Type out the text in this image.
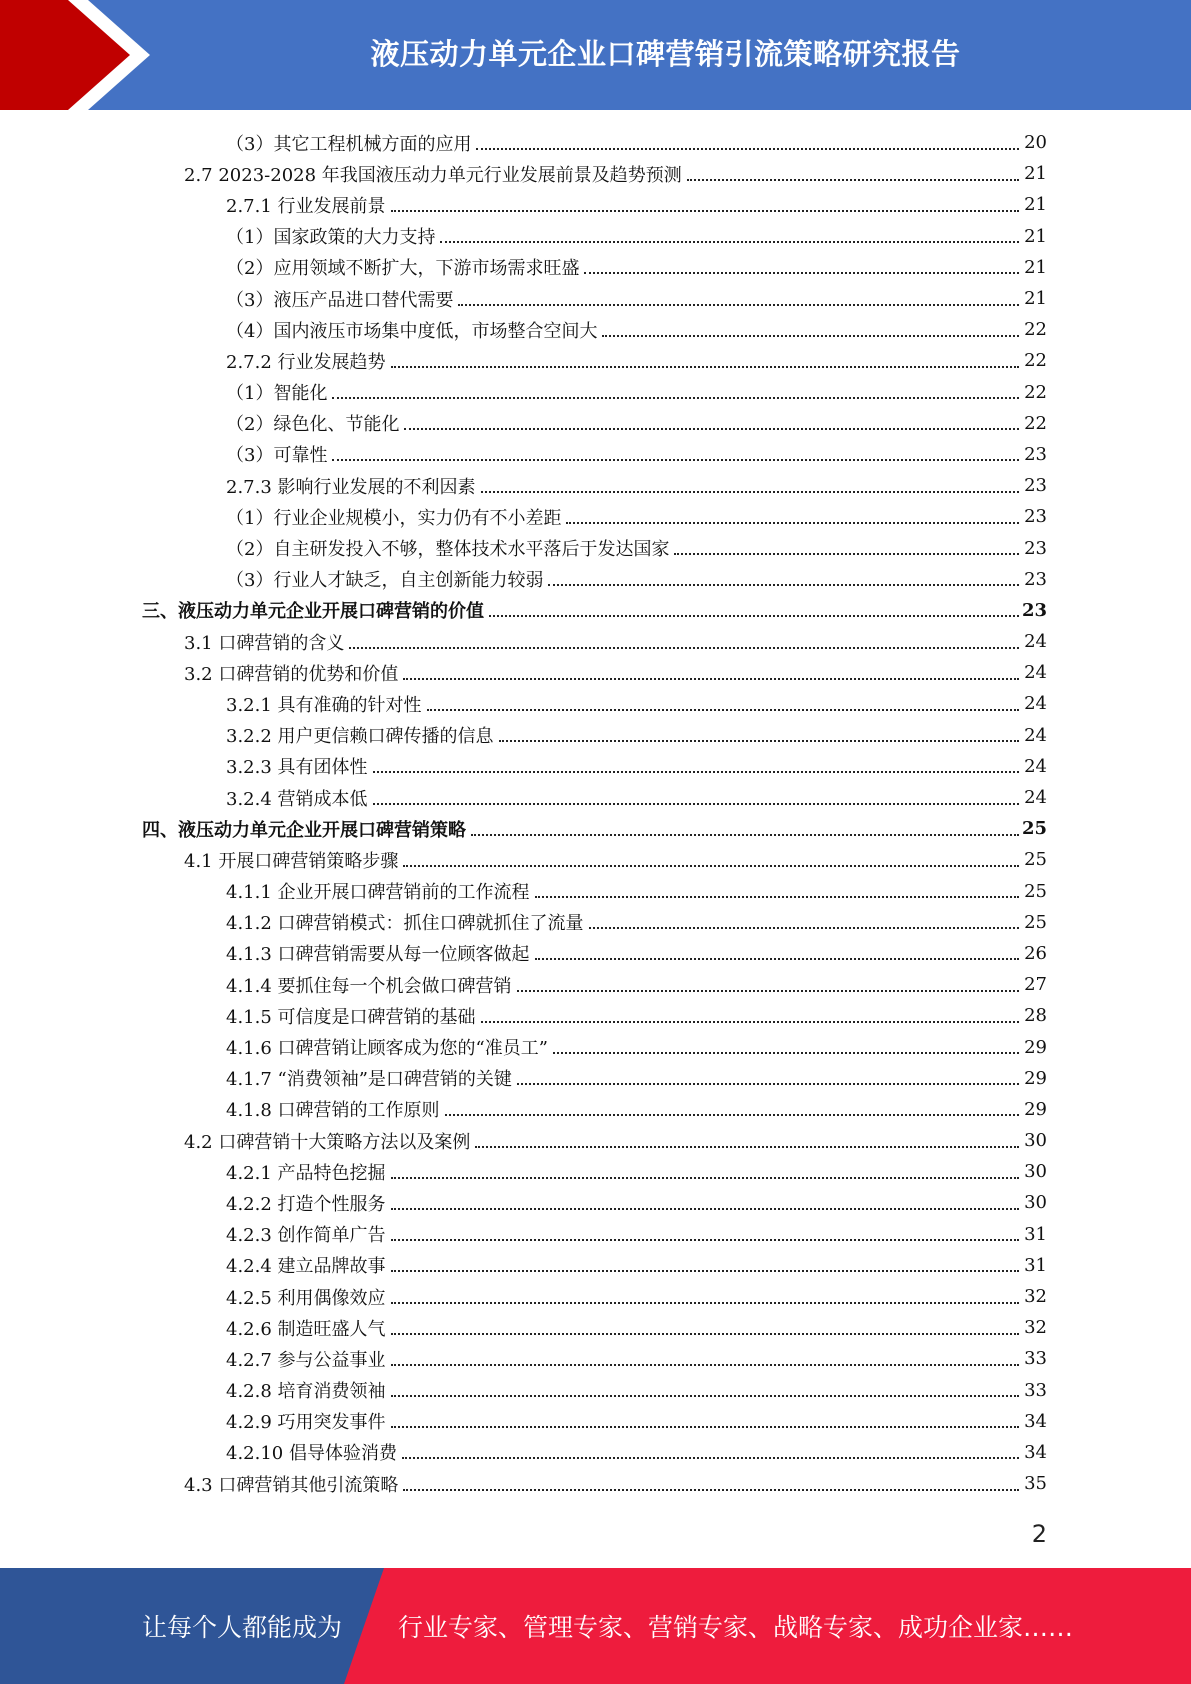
液压动力单元企业口碑营销引流策略研究报告
（3）其它工程机械方面的应用	20
2.7 2023-2028 年我国液压动力单元行业发展前景及趋势预测	21
2.7.1 行业发展前景	21
（1）国家政策的大力支持	21
（2）应用领域不断扩大，下游市场需求旺盛	21
（3）液压产品进口替代需要	21
（4）国内液压市场集中度低，市场整合空间大	22
2.7.2 行业发展趋势	22
（1）智能化	22
（2）绿色化、节能化	22
（3）可靠性	23
2.7.3 影响行业发展的不利因素	23
（1）行业企业规模小，实力仍有不小差距	23
（2）自主研发投入不够，整体技术水平落后于发达国家	23
（3）行业人才缺乏，自主创新能力较弱	23
三、液压动力单元企业开展口碑营销的价值	23
3.1 口碑营销的含义	24
3.2 口碑营销的优势和价值	24
3.2.1 具有准确的针对性	24
3.2.2 用户更信赖口碑传播的信息	24
3.2.3 具有团体性	24
3.2.4 营销成本低	24
四、液压动力单元企业开展口碑营销策略	25
4.1 开展口碑营销策略步骤	25
4.1.1 企业开展口碑营销前的工作流程	25
4.1.2 口碑营销模式：抓住口碑就抓住了流量	25
4.1.3 口碑营销需要从每一位顾客做起	26
4.1.4 要抓住每一个机会做口碑营销	27
4.1.5 可信度是口碑营销的基础	28
4.1.6 口碑营销让顾客成为您的“准员工”	29
4.1.7 “消费领袖”是口碑营销的关键	29
4.1.8 口碑营销的工作原则	29
4.2 口碑营销十大策略方法以及案例	30
4.2.1 产品特色挖掘	30
4.2.2 打造个性服务	30
4.2.3 创作简单广告	31
4.2.4 建立品牌故事	31
4.2.5 利用偶像效应	32
4.2.6 制造旺盛人气	32
4.2.7 参与公益事业	33
4.2.8 培育消费领袖	33
4.2.9 巧用突发事件	34
4.2.10 倡导体验消费	34
4.3 口碑营销其他引流策略	35
2
让每个人都能成为 行业专家、管理专家、营销专家、战略专家、成功企业家……
